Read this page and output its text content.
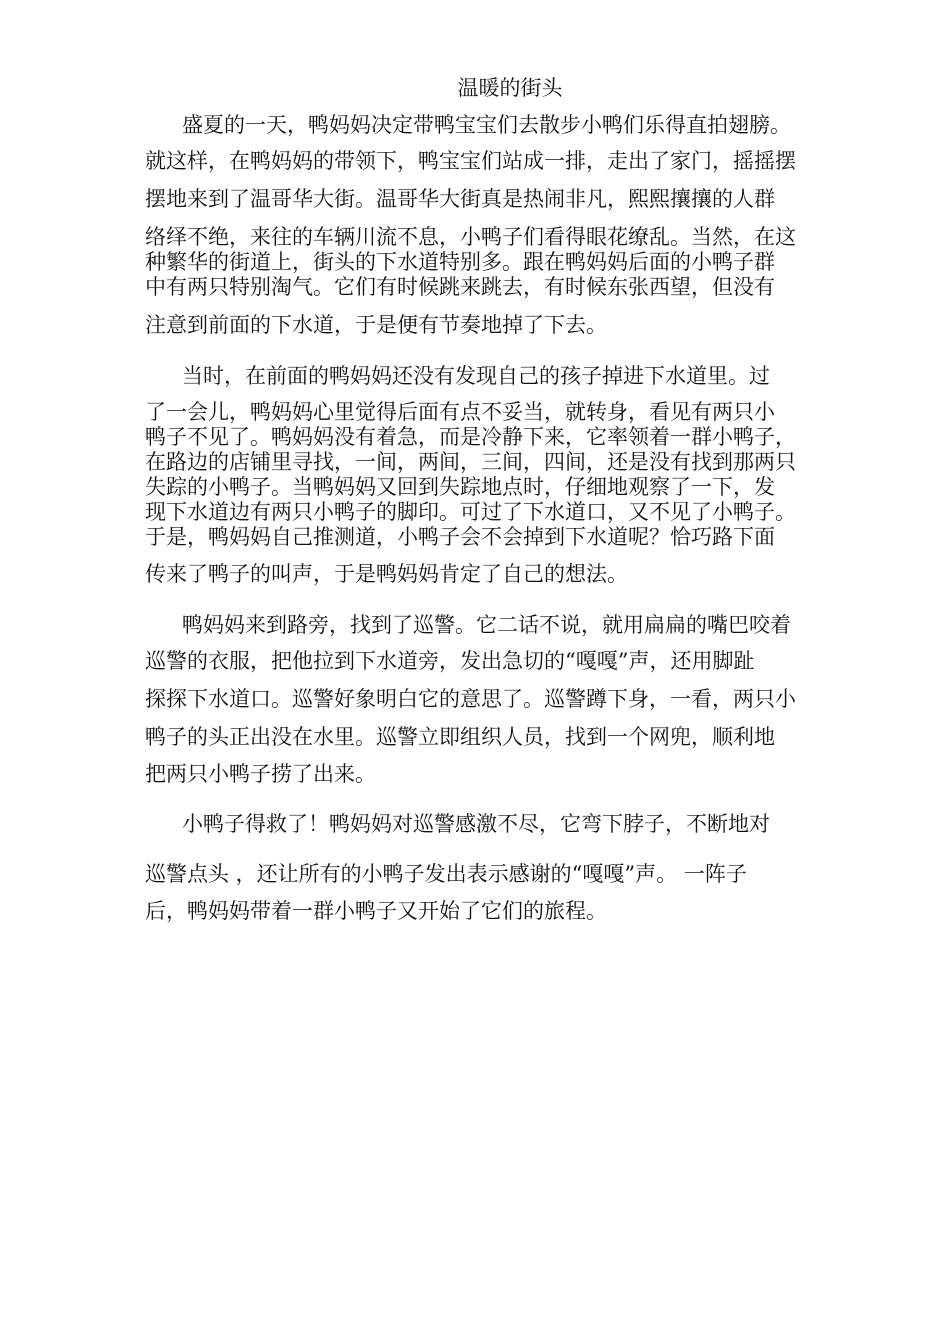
温暖的街头
盛夏的一天，鸭妈妈决定带鸭宝宝们去散步小鸭们乐得直拍翅膀。
就这样，在鸭妈妈的带领下，鸭宝宝们站成一排，走出了家门，摇摇摆
摆地来到了温哥华大街。温哥华大街真是热闹非凡，熙熙攘攘的人群
络绎不绝，来往的车辆川流不息，小鸭子们看得眼花缭乱。当然，在这
种繁华的街道上，街头的下水道特别多。跟在鸭妈妈后面的小鸭子群
中有两只特别淘气。它们有时候跳来跳去，有时候东张西望，但没有
注意到前面的下水道，于是便有节奏地掉了下去。
当时，在前面的鸭妈妈还没有发现自己的孩子掉进下水道里。过
了一会儿，鸭妈妈心里觉得后面有点不妥当，就转身，看见有两只小
鸭子不见了。鸭妈妈没有着急，而是冷静下来，它率领着一群小鸭子，
在路边的店铺里寻找，一间，两间，三间，四间，还是没有找到那两只
失踪的小鸭子。当鸭妈妈又回到失踪地点时，仔细地观察了一下，发
现下水道边有两只小鸭子的脚印。可过了下水道口，又不见了小鸭子。
于是，鸭妈妈自己推测道，小鸭子会不会掉到下水道呢？恰巧路下面
传来了鸭子的叫声，于是鸭妈妈肯定了自己的想法。
鸭妈妈来到路旁，找到了巡警。它二话不说，就用扁扁的嘴巴咬着
巡警的衣服，把他拉到下水道旁，发出急切的“嘎嘎”声，还用脚趾
探探下水道口。巡警好象明白它的意思了。巡警蹲下身，一看，两只小
鸭子的头正出没在水里。巡警立即组织人员，找到一个网兜，顺利地
把两只小鸭子捞了出来。
小鸭子得救了！鸭妈妈对巡警感激不尽，它弯下脖子，不断地对
巡警点头 ，还让所有的小鸭子发出表示感谢的“嘎嘎”声。 一阵子
后，鸭妈妈带着一群小鸭子又开始了它们的旅程。
